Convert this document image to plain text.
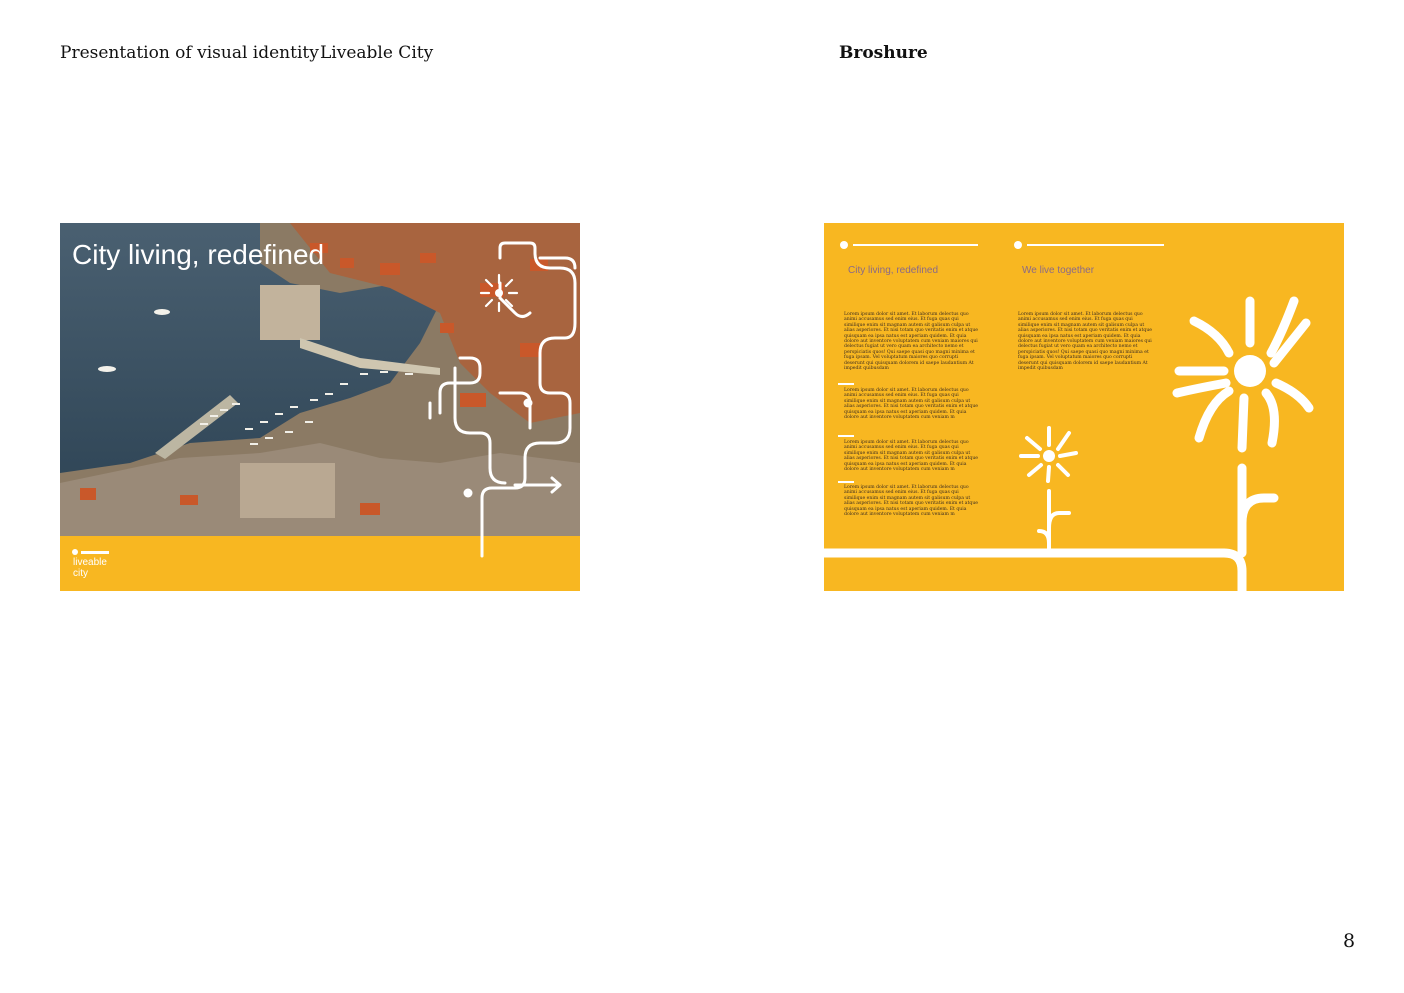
Presentation of visual identity Liveable City	Broshure
City living, redefined
liveable
city
City living, redefined	We live together
Lorem ipsum dolor sit amet. Et laborum delectus quo animi accusamus sed enim eius. Et fuga quas qui similique enim sit magnam autem sit galisum culpa ut alias asperiores. Et nisi totam quo veritatis enim et atque quisquam ea ipsa natus est aperiam quidem. Et quia dolore aut inventore voluptatem cum veniam maiores qui delectus fugiat ut vero quam ea architecto nemo et perspiciatis quos! Qui saepe quasi quo magni minima et fuga ipsam. Vel voluptatum maiores quo corrupti deserunt qui quisquam dolorem id saepe laudantium At impedit quibusdam
Lorem ipsum dolor sit amet. Et laborum delectus quo animi accusamus sed enim eius. Et fuga quas qui similique enim sit magnam autem sit galisum culpa ut alias asperiores. Et nisi totam quo veritatis enim et atque quisquam ea ipsa natus est aperiam quidem. Et quia dolore aut inventore voluptatem cum veniam m
Lorem ipsum dolor sit amet. Et laborum delectus quo animi accusamus sed enim eius. Et fuga quas qui similique enim sit magnam autem sit galisum culpa ut alias asperiores. Et nisi totam quo veritatis enim et atque quisquam ea ipsa natus est aperiam quidem. Et quia dolore aut inventore voluptatem cum veniam m
Lorem ipsum dolor sit amet. Et laborum delectus quo animi accusamus sed enim eius. Et fuga quas qui similique enim sit magnam autem sit galisum culpa ut alias asperiores. Et nisi totam quo veritatis enim et atque quisquam ea ipsa natus est aperiam quidem. Et quia dolore aut inventore voluptatem cum veniam m
Lorem ipsum dolor sit amet. Et laborum delectus quo animi accusamus sed enim eius. Et fuga quas qui similique enim sit magnam autem sit galisum culpa ut alias asperiores. Et nisi totam quo veritatis enim et atque quisquam ea ipsa natus est aperiam quidem. Et quia dolore aut inventore voluptatem cum veniam maiores qui delectus fugiat ut vero quam ea architecto nemo et perspiciatis quos! Qui saepe quasi quo magni minima et fuga ipsam. Vel voluptatum maiores quo corrupti deserunt qui quisquam dolorem id saepe laudantium At impedit quibusdam
8
